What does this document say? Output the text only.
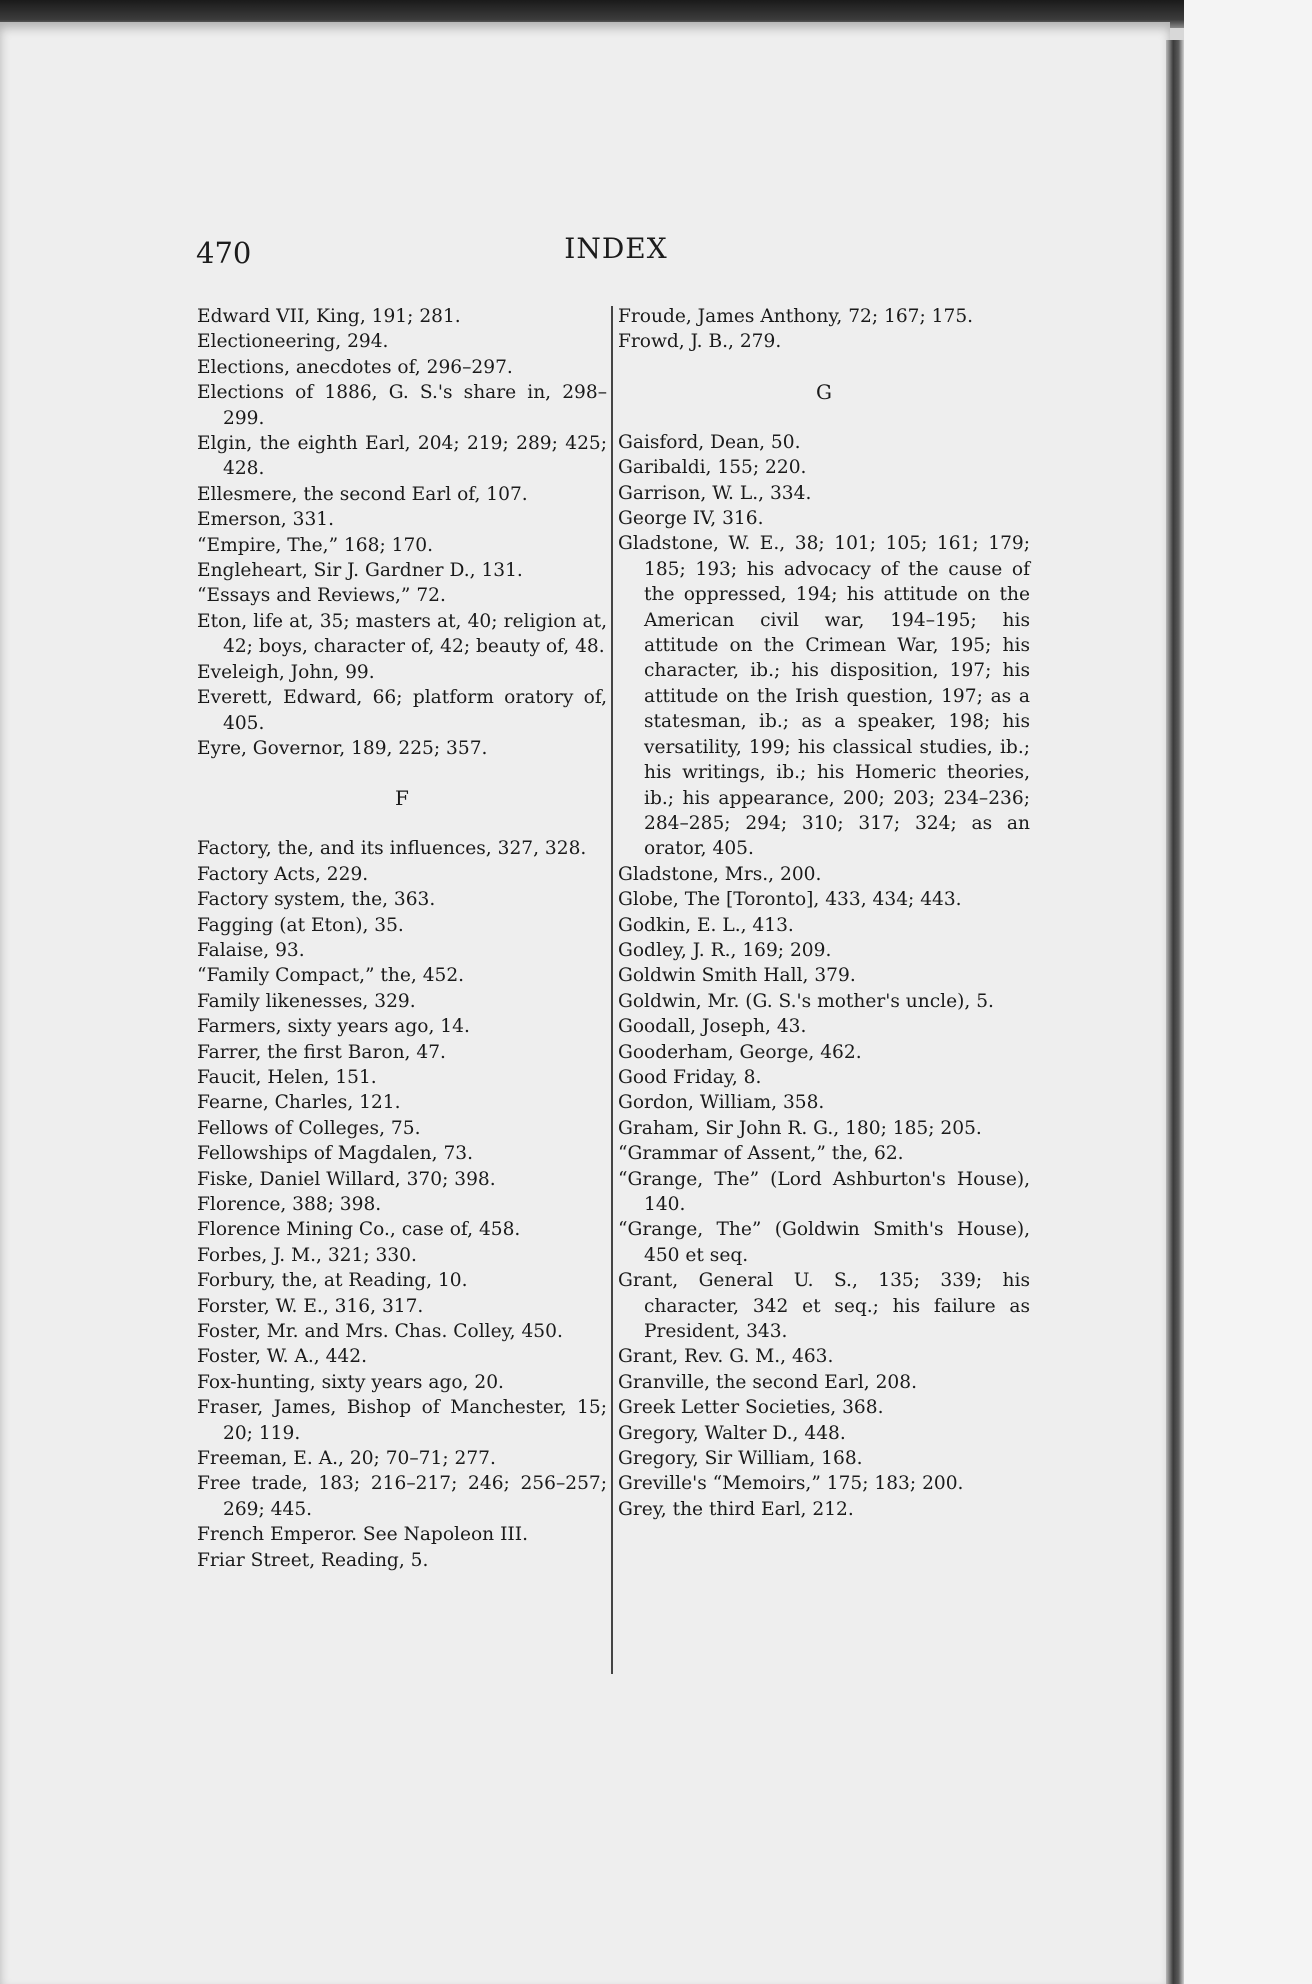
470	INDEX
Edward VII, King, 191; 281.
Electioneering, 294.
Elections, anecdotes of, 296–297.
Elections of 1886, G. S.'s share in, 298–299.
Elgin, the eighth Earl, 204; 219; 289; 425; 428.
Ellesmere, the second Earl of, 107.
Emerson, 331.
“Empire, The,” 168; 170.
Engleheart, Sir J. Gardner D., 131.
“Essays and Reviews,” 72.
Eton, life at, 35; masters at, 40; religion at, 42; boys, character of, 42; beauty of, 48.
Eveleigh, John, 99.
Everett, Edward, 66; platform oratory of, 405.
Eyre, Governor, 189, 225; 357.
F
Factory, the, and its influences, 327, 328.
Factory Acts, 229.
Factory system, the, 363.
Fagging (at Eton), 35.
Falaise, 93.
“Family Compact,” the, 452.
Family likenesses, 329.
Farmers, sixty years ago, 14.
Farrer, the first Baron, 47.
Faucit, Helen, 151.
Fearne, Charles, 121.
Fellows of Colleges, 75.
Fellowships of Magdalen, 73.
Fiske, Daniel Willard, 370; 398.
Florence, 388; 398.
Florence Mining Co., case of, 458.
Forbes, J. M., 321; 330.
Forbury, the, at Reading, 10.
Forster, W. E., 316, 317.
Foster, Mr. and Mrs. Chas. Colley, 450.
Foster, W. A., 442.
Fox-hunting, sixty years ago, 20.
Fraser, James, Bishop of Manchester, 15; 20; 119.
Freeman, E. A., 20; 70–71; 277.
Free trade, 183; 216–217; 246; 256–257; 269; 445.
French Emperor. See Napoleon III.
Friar Street, Reading, 5.
Froude, James Anthony, 72; 167; 175.
Frowd, J. B., 279.
G
Gaisford, Dean, 50.
Garibaldi, 155; 220.
Garrison, W. L., 334.
George IV, 316.
Gladstone, W. E., 38; 101; 105; 161; 179; 185; 193; his advocacy of the cause of the oppressed, 194; his attitude on the American civil war, 194–195; his attitude on the Crimean War, 195; his character, ib.; his disposition, 197; his attitude on the Irish question, 197; as a statesman, ib.; as a speaker, 198; his versatility, 199; his classical studies, ib.; his writings, ib.; his Homeric theories, ib.; his appearance, 200; 203; 234–236; 284–285; 294; 310; 317; 324; as an orator, 405.
Gladstone, Mrs., 200.
Globe, The [Toronto], 433, 434; 443.
Godkin, E. L., 413.
Godley, J. R., 169; 209.
Goldwin Smith Hall, 379.
Goldwin, Mr. (G. S.'s mother's uncle), 5.
Goodall, Joseph, 43.
Gooderham, George, 462.
Good Friday, 8.
Gordon, William, 358.
Graham, Sir John R. G., 180; 185; 205.
“Grammar of Assent,” the, 62.
“Grange, The” (Lord Ashburton's House), 140.
“Grange, The” (Goldwin Smith's House), 450 et seq.
Grant, General U. S., 135; 339; his character, 342 et seq.; his failure as President, 343.
Grant, Rev. G. M., 463.
Granville, the second Earl, 208.
Greek Letter Societies, 368.
Gregory, Walter D., 448.
Gregory, Sir William, 168.
Greville's “Memoirs,” 175; 183; 200.
Grey, the third Earl, 212.
